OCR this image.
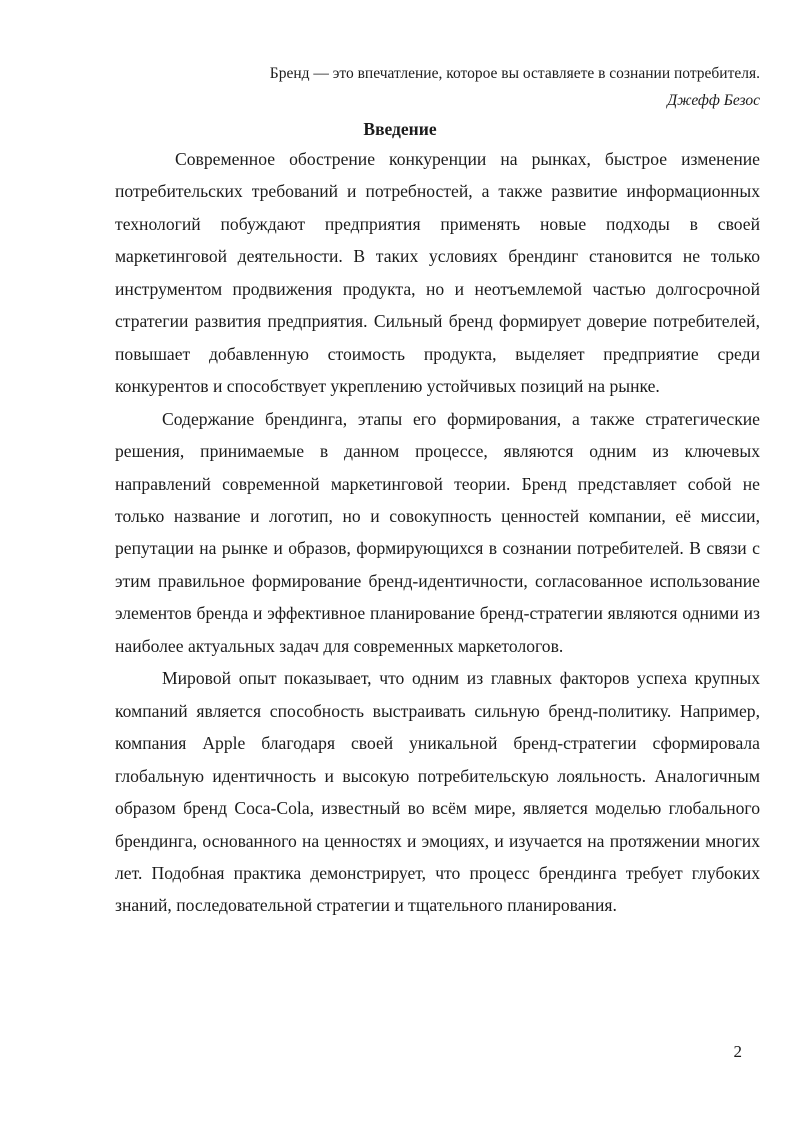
Бренд — это впечатление, которое вы оставляете в сознании потребителя.
Джефф Безос
Введение

Современное обострение конкуренции на рынках, быстрое изменение потребительских требований и потребностей, а также развитие информационных технологий побуждают предприятия применять новые подходы в своей маркетинговой деятельности. В таких условиях брендинг становится не только инструментом продвижения продукта, но и неотъемлемой частью долгосрочной стратегии развития предприятия. Сильный бренд формирует доверие потребителей, повышает добавленную стоимость продукта, выделяет предприятие среди конкурентов и способствует укреплению устойчивых позиций на рынке.

Содержание брендинга, этапы его формирования, а также стратегические решения, принимаемые в данном процессе, являются одним из ключевых направлений современной маркетинговой теории. Бренд представляет собой не только название и логотип, но и совокупность ценностей компании, её миссии, репутации на рынке и образов, формирующихся в сознании потребителей. В связи с этим правильное формирование бренд-идентичности, согласованное использование элементов бренда и эффективное планирование бренд-стратегии являются одними из наиболее актуальных задач для современных маркетологов.

Мировой опыт показывает, что одним из главных факторов успеха крупных компаний является способность выстраивать сильную бренд-политику. Например, компания Apple благодаря своей уникальной бренд-стратегии сформировала глобальную идентичность и высокую потребительскую лояльность. Аналогичным образом бренд Coca-Cola, известный во всём мире, является моделью глобального брендинга, основанного на ценностях и эмоциях, и изучается на протяжении многих лет. Подобная практика демонстрирует, что процесс брендинга требует глубоких знаний, последовательной стратегии и тщательного планирования.

2
